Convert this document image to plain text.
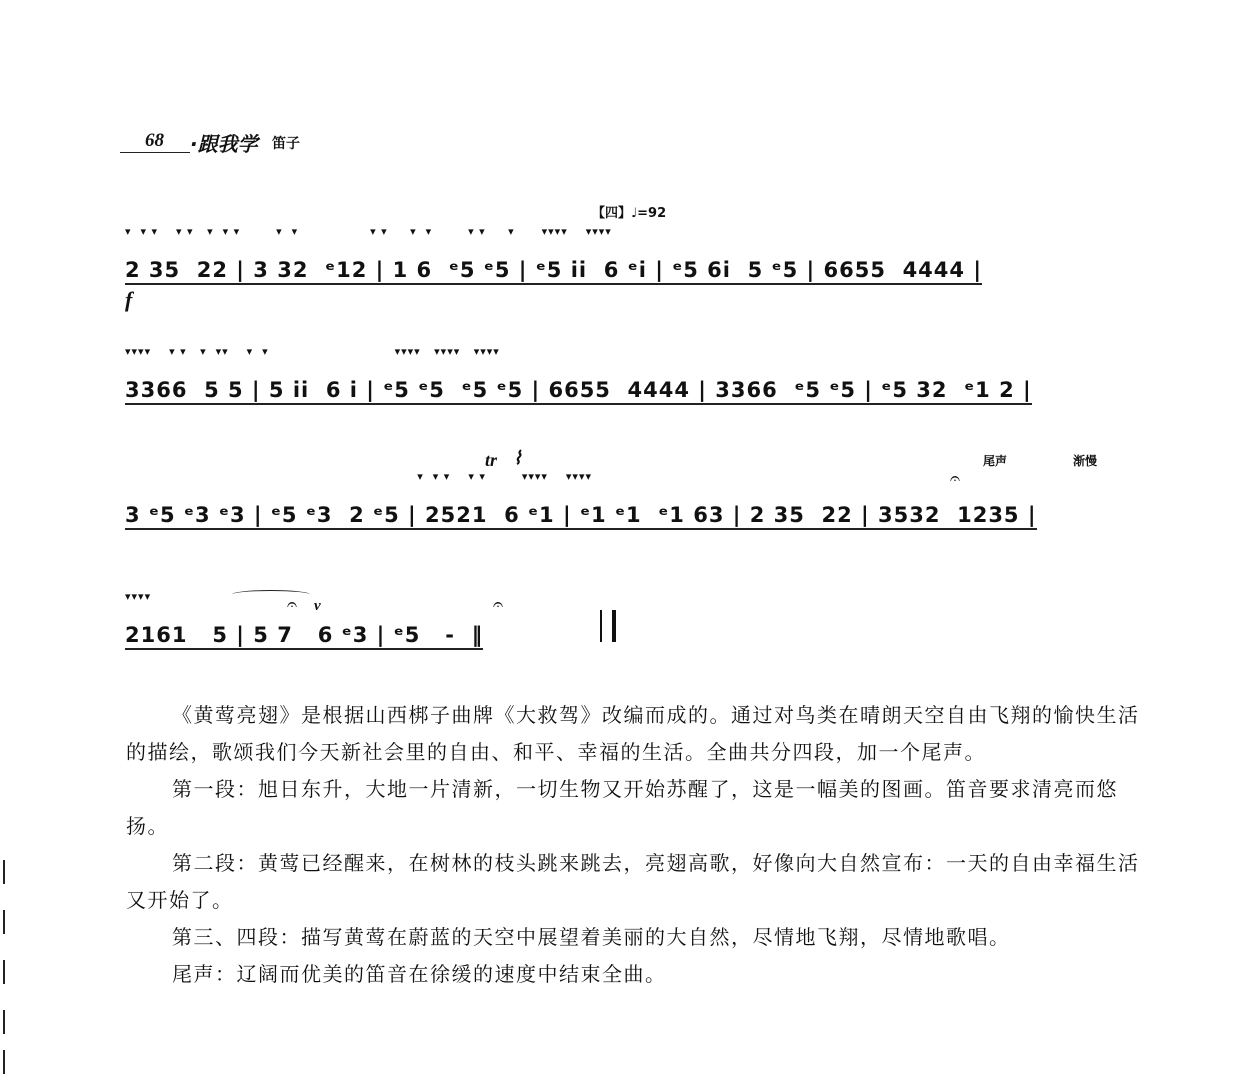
68 ·跟我学 笛子
【四】♩=92
▾  ▾ ▾    ▾ ▾   ▾  ▾ ▾        ▾  ▾                ▾ ▾     ▾  ▾        ▾ ▾     ▾      ▾▾▾▾    ▾▾▾▾
2 35  22 | 3 32  ᵉ12 | 1 6  ᵉ5 ᵉ5 | ᵉ5 ii  6 ᵉi | ᵉ5 6i  5 ᵉ5 | 6655  4444 |
f
▾▾▾▾    ▾ ▾   ▾  ▾▾    ▾  ▾                            ▾▾▾▾   ▾▾▾▾   ▾▾▾▾
3366  5 5 | 5 ii  6 i | ᵉ5 ᵉ5  ᵉ5 ᵉ5 | 6655  4444 | 3366  ᵉ5 ᵉ5 | ᵉ5 32  ᵉ1 2 |
tr ⌇	尾声	渐慢
𝄐
▾  ▾ ▾    ▾ ▾        ▾▾▾▾    ▾▾▾▾
3 ᵉ5 ᵉ3 ᵉ3 | ᵉ5 ᵉ3  2 ᵉ5 | 2521  6 ᵉ1 | ᵉ1 ᵉ1  ᵉ1 63 | 2 35  22 | 3532  1235 |
𝄐 v	𝄐
▾▾▾▾
2161   5 | 5 7   6 ᵉ3 | ᵉ5   -  ‖

《黄莺亮翅》是根据山西梆子曲牌《大救驾》改编而成的。通过对鸟类在晴朗天空自由飞翔的愉快生活的描绘，歌颂我们今天新社会里的自由、和平、幸福的生活。全曲共分四段，加一个尾声。

第一段：旭日东升，大地一片清新，一切生物又开始苏醒了，这是一幅美的图画。笛音要求清亮而悠扬。

第二段：黄莺已经醒来，在树林的枝头跳来跳去，亮翅高歌，好像向大自然宣布：一天的自由幸福生活又开始了。

第三、四段：描写黄莺在蔚蓝的天空中展望着美丽的大自然，尽情地飞翔，尽情地歌唱。

尾声：辽阔而优美的笛音在徐缓的速度中结束全曲。
